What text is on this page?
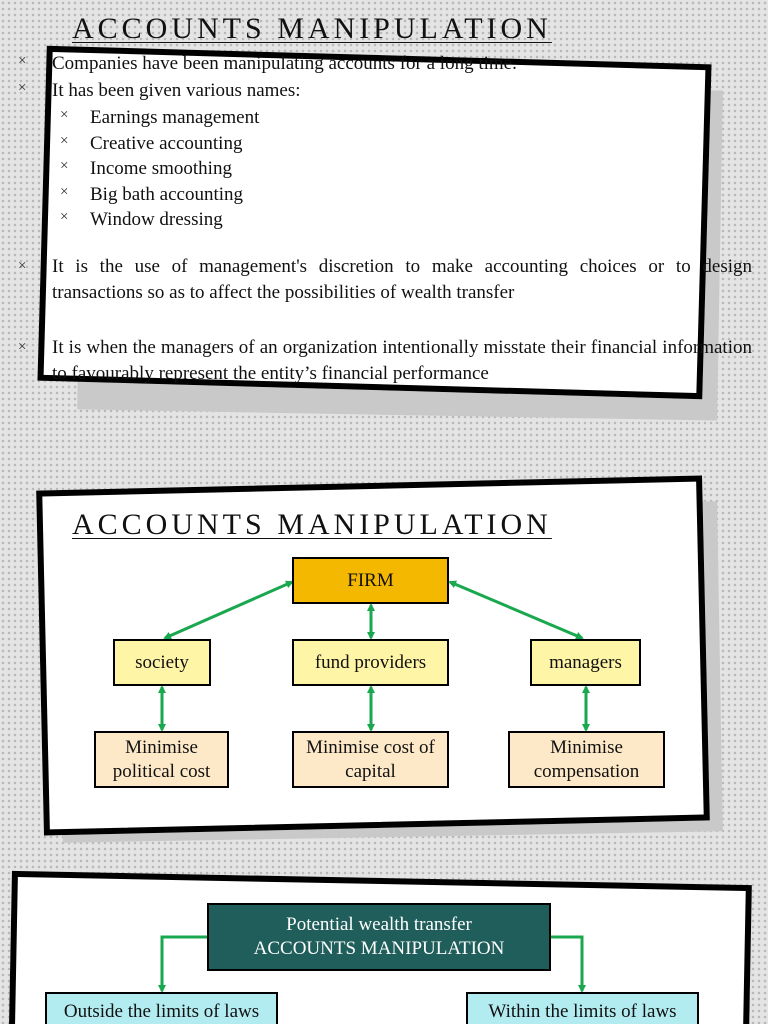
ACCOUNTS MANIPULATION
× Companies have been manipulating accounts for a long time.
× It has been given various names:
× Earnings management
× Creative accounting
× Income smoothing
× Big bath accounting
× Window dressing
× It is the use of management's discretion to make accounting choices or to design transactions so as to affect the possibilities of wealth transfer
× It is when the managers of an organization intentionally misstate their financial information to favourably represent the entity’s financial performance
ACCOUNTS MANIPULATION
FIRM
society	fund providers	managers
Minimise political cost
Minimise cost of capital
Minimise compensation
Potential wealth transfer
ACCOUNTS MANIPULATION
Outside the limits of laws	Within the limits of laws
